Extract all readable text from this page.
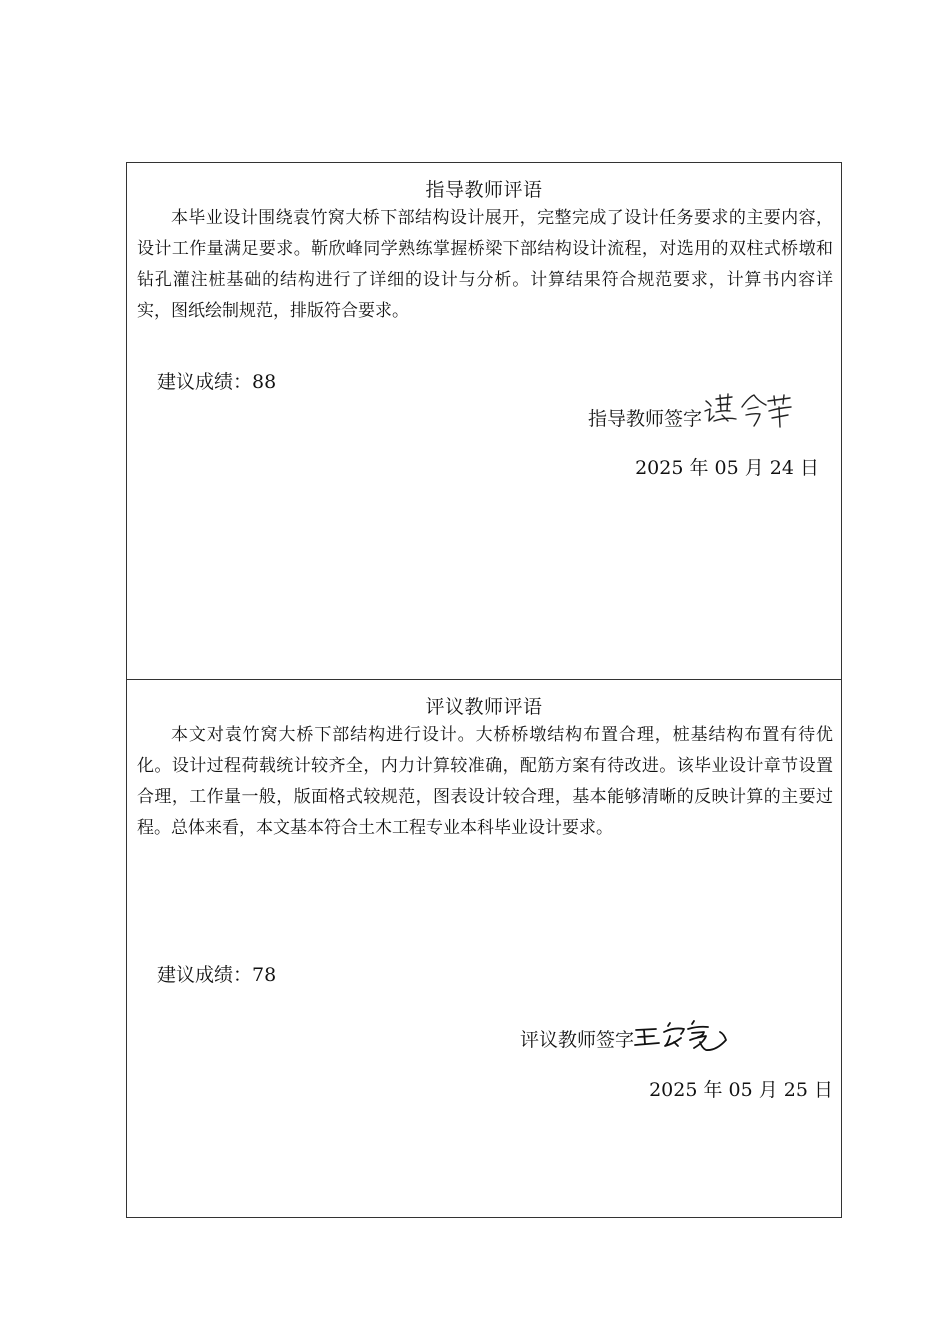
指导教师评语

本毕业设计围绕袁竹窝大桥下部结构设计展开，完整完成了设计任务要求的主要内容，设计工作量满足要求。靳欣峰同学熟练掌握桥梁下部结构设计流程，对选用的双柱式桥墩和钻孔灌注桩基础的结构进行了详细的设计与分析。计算结果符合规范要求，计算书内容详实，图纸绘制规范，排版符合要求。

建议成绩：88
指导教师签字
2025 年 05 月 24 日
评议教师评语

本文对袁竹窝大桥下部结构进行设计。大桥桥墩结构布置合理，桩基结构布置有待优化。设计过程荷载统计较齐全，内力计算较准确，配筋方案有待改进。该毕业设计章节设置合理，工作量一般，版面格式较规范，图表设计较合理，基本能够清晰的反映计算的主要过程。总体来看，本文基本符合土木工程专业本科毕业设计要求。

建议成绩：78
评议教师签字
2025 年 05 月 25 日
